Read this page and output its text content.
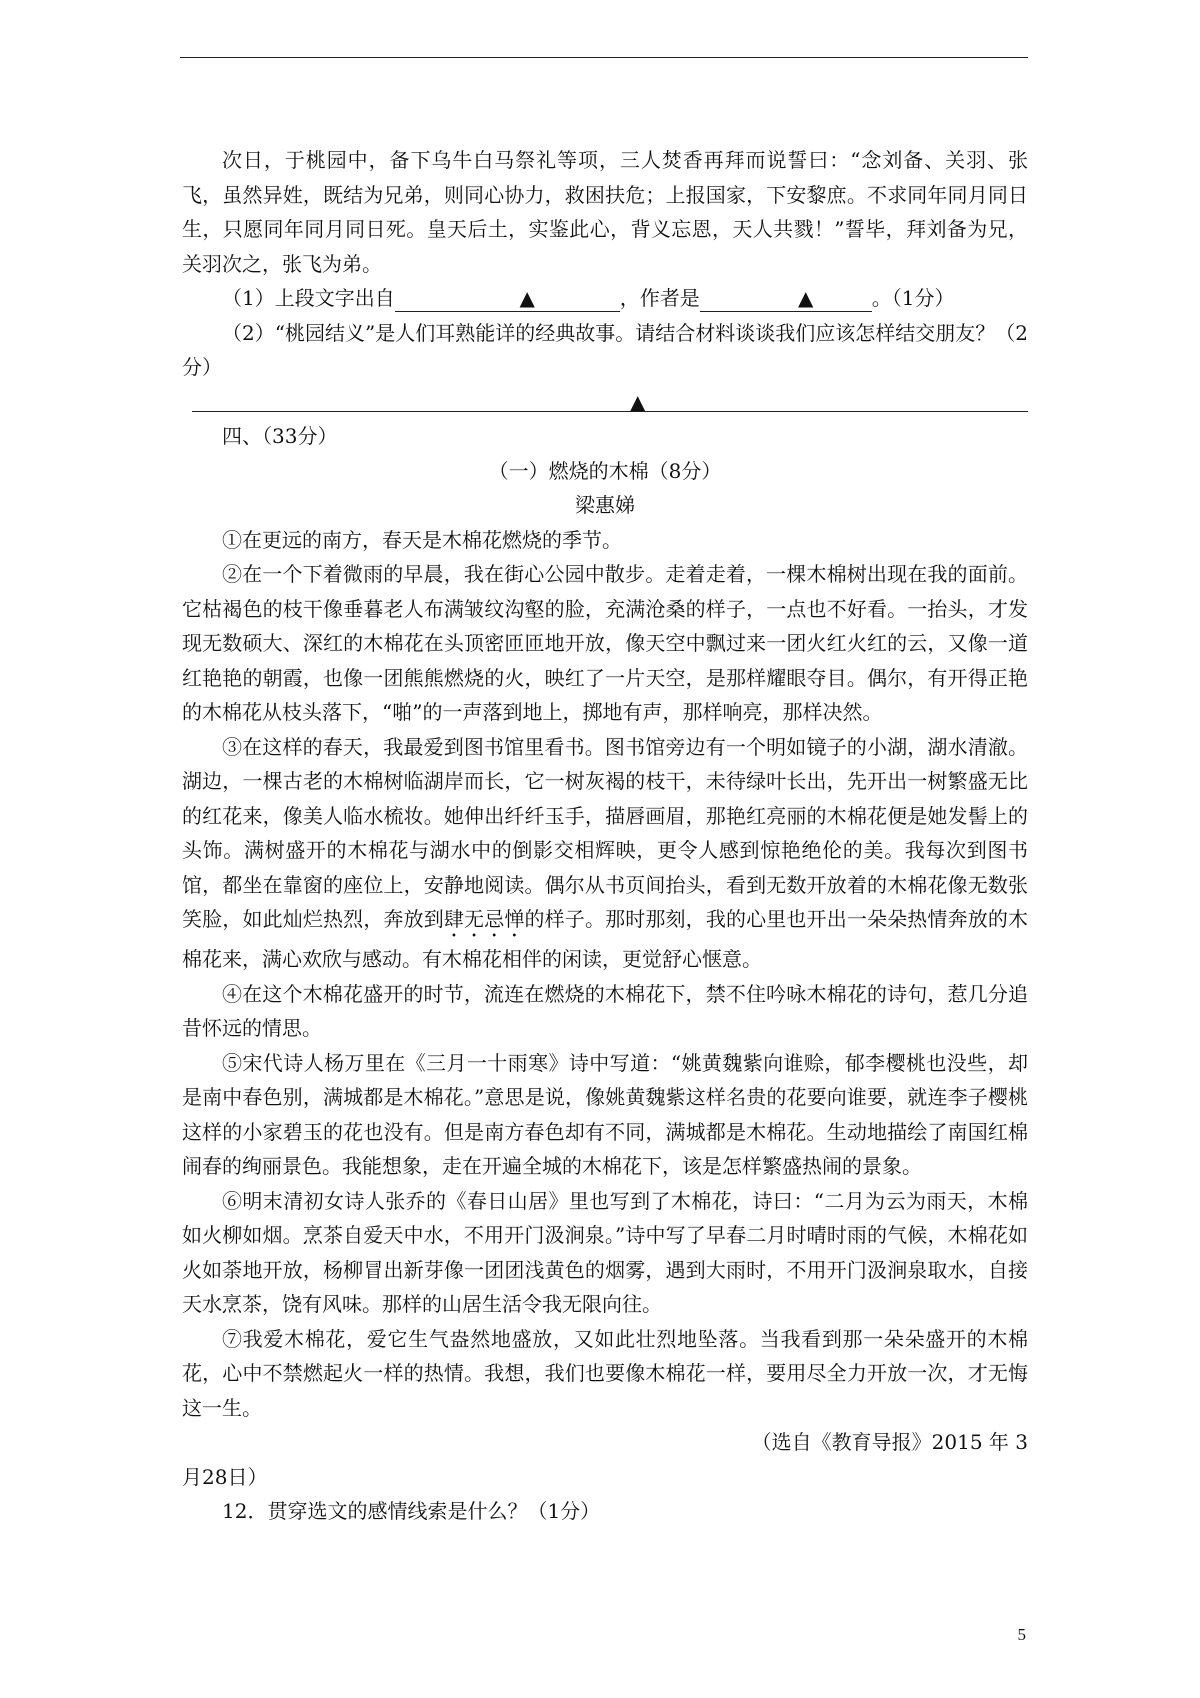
次日，于桃园中，备下乌牛白马祭礼等项，三人焚香再拜而说誓曰：“念刘备、关羽、张飞，虽然异姓，既结为兄弟，则同心协力，救困扶危；上报国家，下安黎庶。不求同年同月同日生，只愿同年同月同日死。皇天后土，实鉴此心，背义忘恩，天人共戮！”誓毕，拜刘备为兄，关羽次之，张飞为弟。

（1）上段文字出自	▲	，作者是	▲	。（1分）

（2）“桃园结义”是人们耳熟能详的经典故事。请结合材料谈谈我们应该怎样结交朋友？（2分）

▲

四、（33分）

（一）燃烧的木棉（8分）

梁惠娣

①在更远的南方，春天是木棉花燃烧的季节。

②在一个下着微雨的早晨，我在街心公园中散步。走着走着，一棵木棉树出现在我的面前。它枯褐色的枝干像垂暮老人布满皱纹沟壑的脸，充满沧桑的样子，一点也不好看。一抬头，才发现无数硕大、深红的木棉花在头顶密匝匝地开放，像天空中飘过来一团火红火红的云，又像一道红艳艳的朝霞，也像一团熊熊燃烧的火，映红了一片天空，是那样耀眼夺目。偶尔，有开得正艳的木棉花从枝头落下，“啪”的一声落到地上，掷地有声，那样响亮，那样决然。

③在这样的春天，我最爱到图书馆里看书。图书馆旁边有一个明如镜子的小湖，湖水清澈。湖边，一棵古老的木棉树临湖岸而长，它一树灰褐的枝干，未待绿叶长出，先开出一树繁盛无比的红花来，像美人临水梳妆。她伸出纤纤玉手，描唇画眉，那艳红亮丽的木棉花便是她发髻上的头饰。满树盛开的木棉花与湖水中的倒影交相辉映，更令人感到惊艳绝伦的美。我每次到图书馆，都坐在靠窗的座位上，安静地阅读。偶尔从书页间抬头，看到无数开放着的木棉花像无数张笑脸，如此灿烂热烈，奔放到肆无忌惮的样子。那时那刻，我的心里也开出一朵朵热情奔放的木棉花来，满心欢欣与感动。有木棉花相伴的闲读，更觉舒心惬意。

④在这个木棉花盛开的时节，流连在燃烧的木棉花下，禁不住吟咏木棉花的诗句，惹几分追昔怀远的情思。

⑤宋代诗人杨万里在《三月一十雨寒》诗中写道：“姚黄魏紫向谁赊，郁李樱桃也没些，却是南中春色别，满城都是木棉花。”意思是说，像姚黄魏紫这样名贵的花要向谁要，就连李子樱桃这样的小家碧玉的花也没有。但是南方春色却有不同，满城都是木棉花。生动地描绘了南国红棉闹春的绚丽景色。我能想象，走在开遍全城的木棉花下，该是怎样繁盛热闹的景象。

⑥明末清初女诗人张乔的《春日山居》里也写到了木棉花，诗曰：“二月为云为雨天，木棉如火柳如烟。烹茶自爱天中水，不用开门汲涧泉。”诗中写了早春二月时晴时雨的气候，木棉花如火如荼地开放，杨柳冒出新芽像一团团浅黄色的烟雾，遇到大雨时，不用开门汲涧泉取水，自接天水烹茶，饶有风味。那样的山居生活令我无限向往。

⑦我爱木棉花，爱它生气盎然地盛放，又如此壮烈地坠落。当我看到那一朵朵盛开的木棉花，心中不禁燃起火一样的热情。我想，我们也要像木棉花一样，要用尽全力开放一次，才无悔这一生。

（选自《教育导报》2015 年 3

月28日）

12．贯穿选文的感情线索是什么？（1分）

5
